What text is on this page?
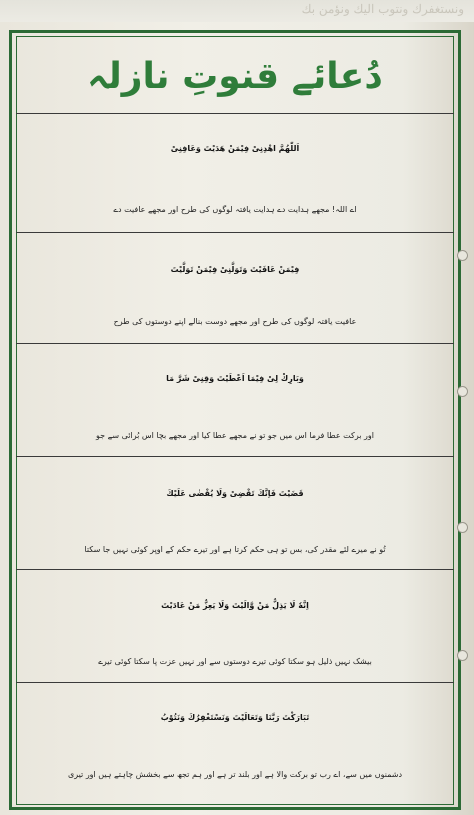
ونستغفرك ونتوب اليك ونؤمن بك
دُعائے قنوتِ نازلہ
اَللّٰھُمَّ اھْدِنِیْ فِیْمَنْ ھَدَیْتَ وَعَافِنِیْ
اے اللہ! مجھے ہدایت دے ہدایت یافتہ لوگوں کی طرح اور مجھے عافیت دے
فِیْمَنْ عَافَیْتَ وَتَوَلَّنِیْ فِیْمَنْ تَوَلَّیْتَ
عافیت یافتہ لوگوں کی طرح اور مجھے دوست بنالے اپنے دوستوں کی طرح
وَبَارِكْ لِیْ فِیْمَا اَعْطَیْتَ وَقِنِیْ شَرَّ مَا
اور برکت عطا فرما اس میں جو تو نے مجھے عطا کیا اور مجھے بچا اس بُرائی سے جو
قَضَیْتَ فَاِنَّكَ تَقْضِیْ وَلَا یُقْضٰی عَلَیْكَ
تُو نے میرے لئے مقدر کی، بس تو ہی حکم کرتا ہے اور تیرے حکم کے اوپر کوئی نہیں جا سکتا
اِنَّهٗ لَا یَذِلُّ مَنْ وَّالَیْتَ وَلَا یَعِزُّ مَنْ عَادَیْتَ
بیشک نہیں ذلیل ہو سکتا کوئی تیرے دوستوں سے اور نہیں عزت پا سکتا کوئی تیرے
تَبَارَكْتَ رَبَّنَا وَتَعَالَیْتَ وَنَسْتَغْفِرُكَ وَنَتُوْبُ
دشمنوں میں سے، اے رب تو برکت والا ہے اور بلند تر ہے اور ہم تجھ سے بخشش چاہتے ہیں اور تیری
